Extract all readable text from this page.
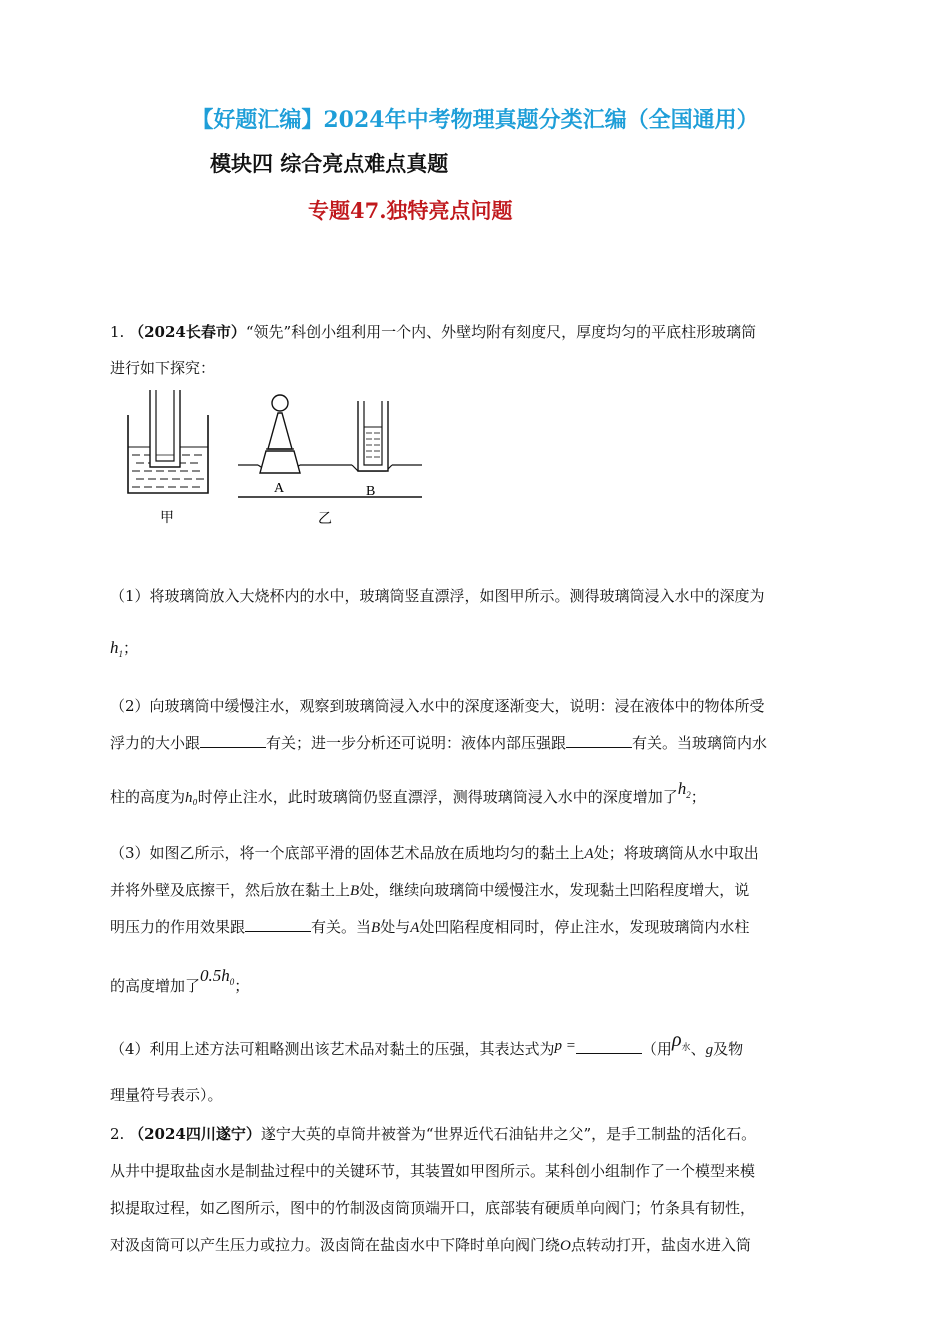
【好题汇编】2024年中考物理真题分类汇编（全国通用）
模块四 综合亮点难点真题
专题47.独特亮点问题
1. （2024长春市）“领先”科创小组利用一个内、外壁均附有刻度尺，厚度均匀的平底柱形玻璃筒
进行如下探究：
甲
A	B
乙
（1）将玻璃筒放入大烧杯内的水中，玻璃筒竖直漂浮，如图甲所示。测得玻璃筒浸入水中的深度为
$h_1$；
（2）向玻璃筒中缓慢注水，观察到玻璃筒浸入水中的深度逐渐变大，说明：浸在液体中的物体所受
浮力的大小跟	有关；进一步分析还可说明：液体内部压强跟	有关。当玻璃筒内水
柱的高度为h₀时停止注水，此时玻璃筒仍竖直漂浮，测得玻璃筒浸入水中的深度增加了$h^2$；
（3）如图乙所示，将一个底部平滑的固体艺术品放在质地均匀的黏土上A处；将玻璃筒从水中取出
并将外壁及底擦干，然后放在黏土上B处，继续向玻璃筒中缓慢注水，发现黏土凹陷程度增大，说
明压力的作用效果跟	有关。当B处与A处凹陷程度相同时，停止注水，发现玻璃筒内水柱
的高度增加了$0.5h^0$；
（4）利用上述方法可粗略测出该艺术品对黏土的压强，其表达式为p =	（用$\rho^水$、g及物
理量符号表示）。
2. （2024四川遂宁）遂宁大英的卓筒井被誉为“世界近代石油钻井之父”，是手工制盐的活化石。
从井中提取盐卤水是制盐过程中的关键环节，其装置如甲图所示。某科创小组制作了一个模型来模
拟提取过程，如乙图所示，图中的竹制汲卤筒顶端开口，底部装有硬质单向阀门；竹条具有韧性，
对汲卤筒可以产生压力或拉力。汲卤筒在盐卤水中下降时单向阀门绕O点转动打开，盐卤水进入筒
